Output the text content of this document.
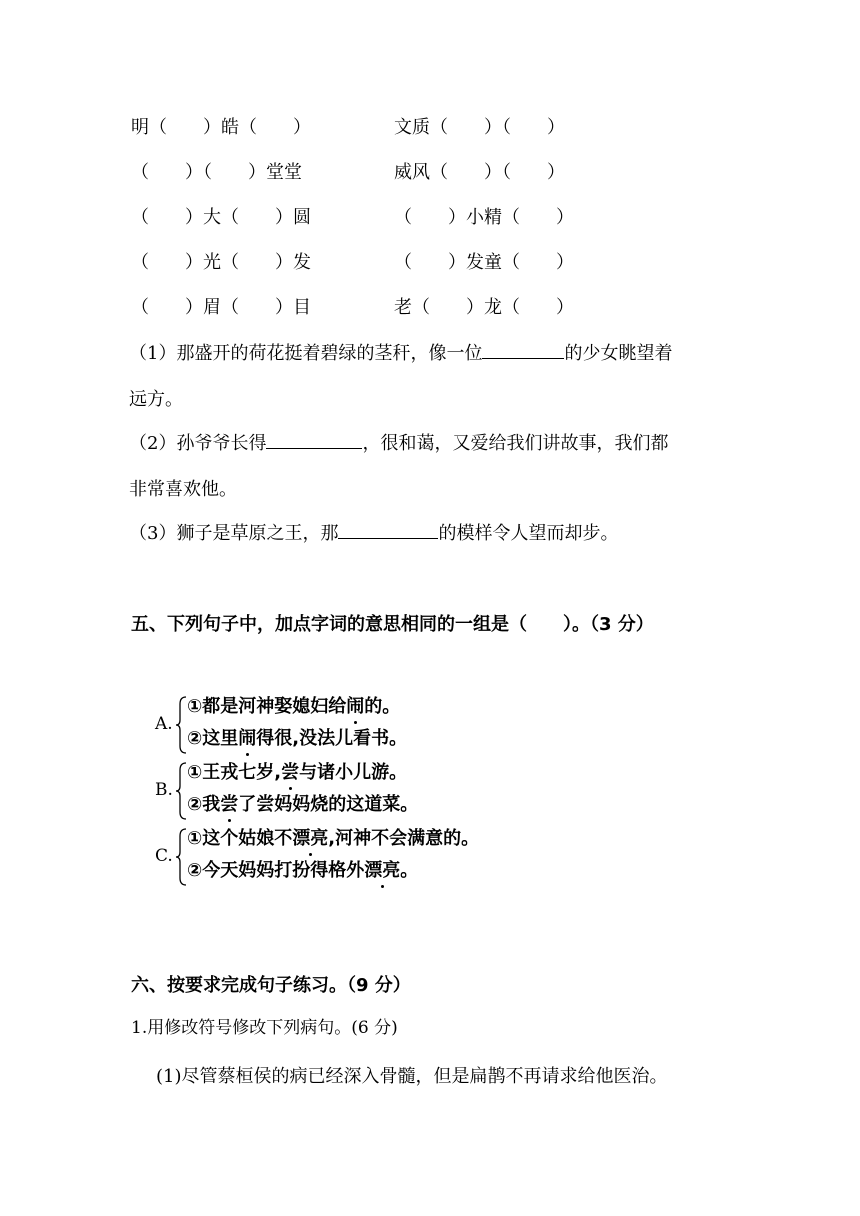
明（　　）皓（　　）	文质（　　）（　　）
（　　）（　　）堂堂	威风（　　）（　　）
（　　）大（　　）圆	（　　）小精（　　）
（　　）光（　　）发	（　　）发童（　　）
（　　）眉（　　）目	老（　　）龙（　　）
（1）那盛开的荷花挺着碧绿的茎秆，像一位	的少女眺望着
远方。
（2）孙爷爷长得	，很和蔼，又爱给我们讲故事，我们都
非常喜欢他。
（3）狮子是草原之王，那	的模样令人望而却步。
五、下列句子中，加点字词的意思相同的一组是（　　）。（3 分）
A.
①都是河神娶媳妇给闹的。
②这里闹得很,没法儿看书。
B.
①王戎七岁,尝与诸小儿游。
②我尝了尝妈妈烧的这道菜。
C.
①这个姑娘不漂亮,河神不会满意的。
②今天妈妈打扮得格外漂亮。
六、按要求完成句子练习。（9 分）
1.用修改符号修改下列病句。(6 分)
(1)尽管蔡桓侯的病已经深入骨髓，但是扁鹊不再请求给他医治。
